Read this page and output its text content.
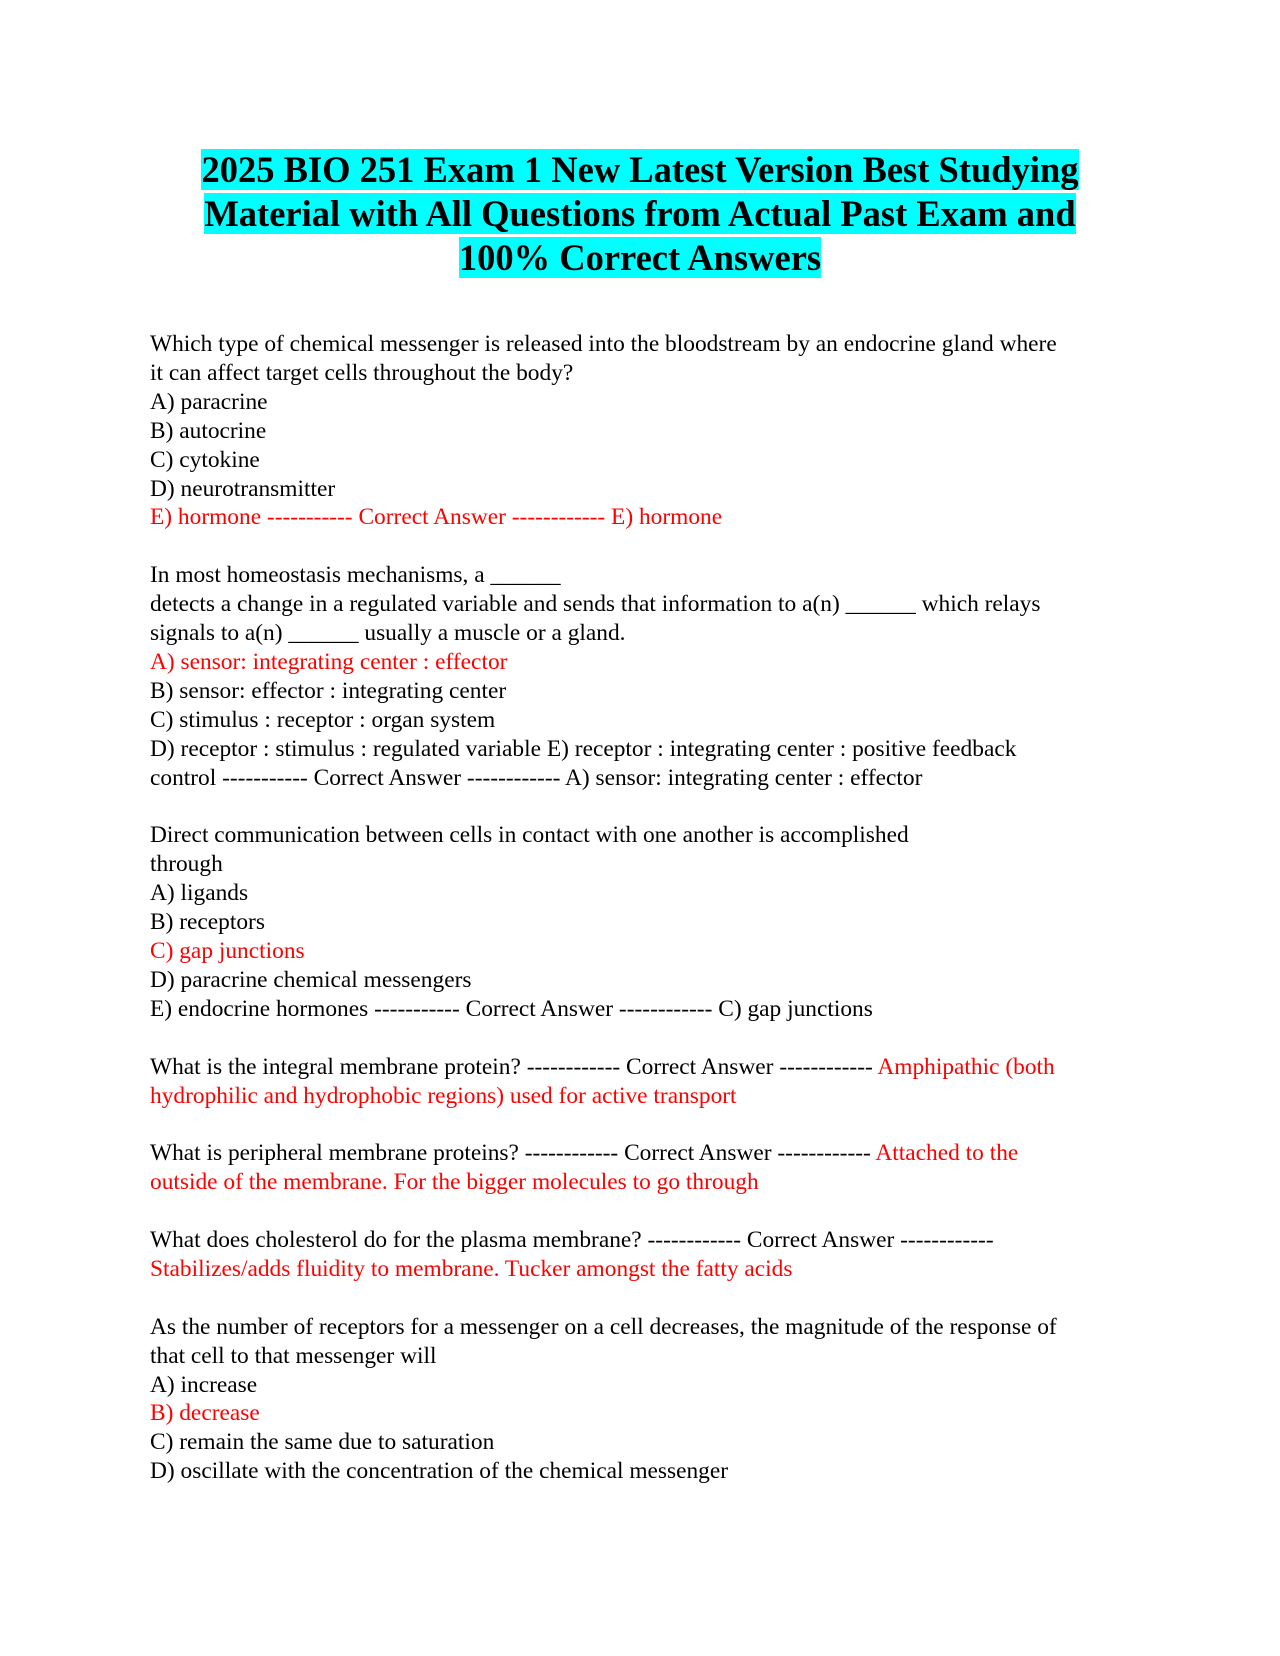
2025 BIO 251 Exam 1 New Latest Version Best Studying
Material with All Questions from Actual Past Exam and
100% Correct Answers
Which type of chemical messenger is released into the bloodstream by an endocrine gland where
it can affect target cells throughout the body?
A) paracrine
B) autocrine
C) cytokine
D) neurotransmitter
E) hormone ----------- Correct Answer ------------ E) hormone
In most homeostasis mechanisms, a ______
detects a change in a regulated variable and sends that information to a(n) ______ which relays
signals to a(n) ______ usually a muscle or a gland.
A) sensor: integrating center : effector
B) sensor: effector : integrating center
C) stimulus : receptor : organ system
D) receptor : stimulus : regulated variable E) receptor : integrating center : positive feedback
control ----------- Correct Answer ------------ A) sensor: integrating center : effector
Direct communication between cells in contact with one another is accomplished
through
A) ligands
B) receptors
C) gap junctions
D) paracrine chemical messengers
E) endocrine hormones ----------- Correct Answer ------------ C) gap junctions
What is the integral membrane protein? ------------ Correct Answer ------------ Amphipathic (both
hydrophilic and hydrophobic regions) used for active transport
What is peripheral membrane proteins? ------------ Correct Answer ------------ Attached to the
outside of the membrane. For the bigger molecules to go through
What does cholesterol do for the plasma membrane? ------------ Correct Answer ------------
Stabilizes/adds fluidity to membrane. Tucker amongst the fatty acids
As the number of receptors for a messenger on a cell decreases, the magnitude of the response of
that cell to that messenger will
A) increase
B) decrease
C) remain the same due to saturation
D) oscillate with the concentration of the chemical messenger
